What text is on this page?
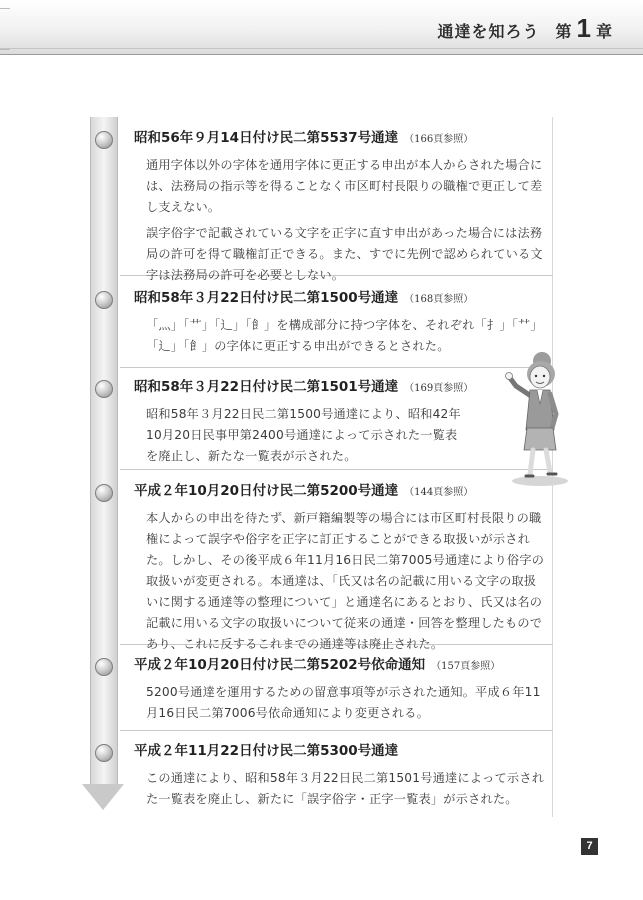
通達を知ろう 第 1 章
昭和56年９月14日付け民二第5537号通達 （166頁参照）
通用字体以外の字体を通用字体に更正する申出が本人からされた場合には、法務局の指示等を得ることなく市区町村長限りの職権で更正して差し支えない。
誤字俗字で記載されている文字を正字に直す申出があった場合には法務局の許可を得て職権訂正できる。また、すでに先例で認められている文字は法務局の許可を必要としない。
昭和58年３月22日付け民二第1500号通達 （168頁参照）
「⺣」「⺾」「辶」「飠」を構成部分に持つ字体を、それぞれ「⺘」「⺿」「辶」「飠」の字体に更正する申出ができるとされた。
昭和58年３月22日付け民二第1501号通達 （169頁参照）
昭和58年３月22日民二第1500号通達により、昭和42年10月20日民事甲第2400号通達によって示された一覧表を廃止し、新たな一覧表が示された。
平成２年10月20日付け民二第5200号通達 （144頁参照）
本人からの申出を待たず、新戸籍編製等の場合には市区町村長限りの職権によって誤字や俗字を正字に訂正することができる取扱いが示された。しかし、その後平成６年11月16日民二第7005号通達により俗字の取扱いが変更される。本通達は、「氏又は名の記載に用いる文字の取扱いに関する通達等の整理について」と通達名にあるとおり、氏又は名の記載に用いる文字の取扱いについて従来の通達・回答を整理したものであり、これに反するこれまでの通達等は廃止された。
平成２年10月20日付け民二第5202号依命通知 （157頁参照）
5200号通達を運用するための留意事項等が示された通知。平成６年11月16日民二第7006号依命通知により変更される。
平成２年11月22日付け民二第5300号通達
この通達により、昭和58年３月22日民二第1501号通達によって示された一覧表を廃止し、新たに「誤字俗字・正字一覧表」が示された。
7
